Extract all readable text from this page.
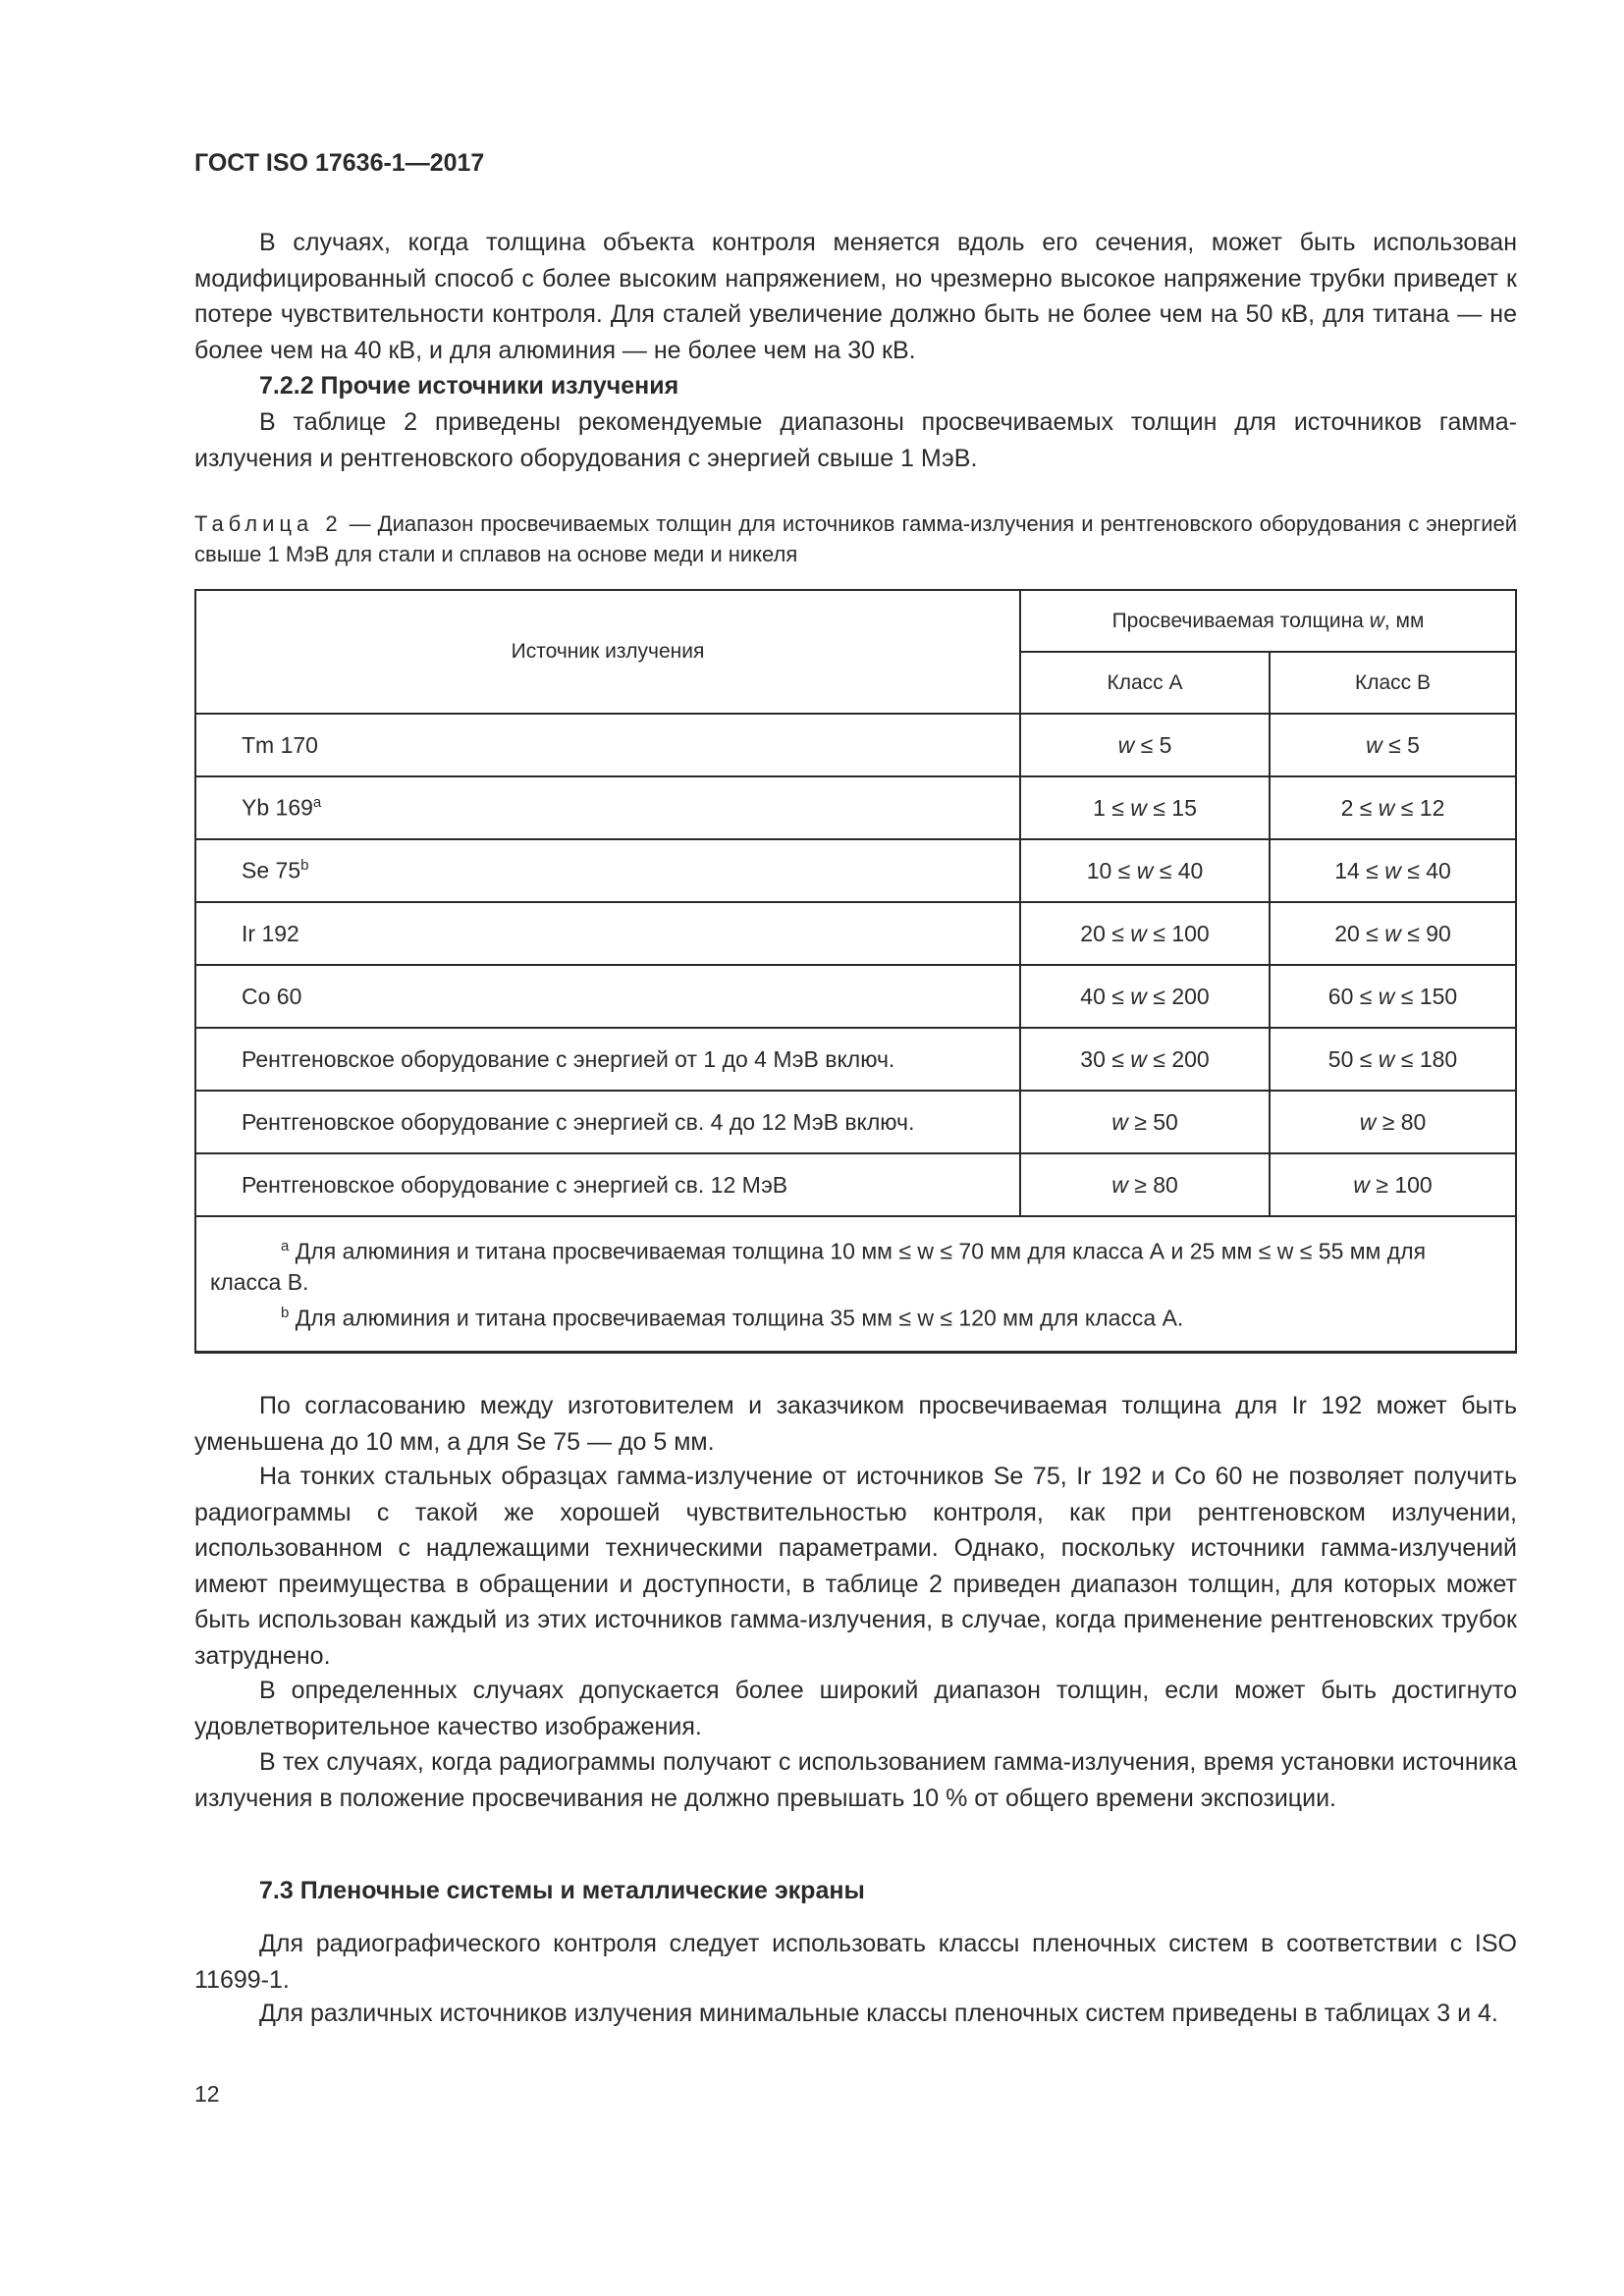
ГОСТ ISO 17636-1—2017
В случаях, когда толщина объекта контроля меняется вдоль его сечения, может быть использован модифицированный способ с более высоким напряжением, но чрезмерно высокое напряжение трубки приведет к потере чувствительности контроля. Для сталей увеличение должно быть не более чем на 50 кВ, для титана — не более чем на 40 кВ, и для алюминия — не более чем на 30 кВ.
7.2.2 Прочие источники излучения
В таблице 2 приведены рекомендуемые диапазоны просвечиваемых толщин для источников гамма-излучения и рентгеновского оборудования с энергией свыше 1 МэВ.
Таблица 2 — Диапазон просвечиваемых толщин для источников гамма-излучения и рентгеновского оборудования с энергией свыше 1 МэВ для стали и сплавов на основе меди и никеля
Источник излучения	Просвечиваемая толщина w, мм	
	Класс А	Класс В
Tm 170	w ≤ 5	w ≤ 5
Yb 169$^a$	1 ≤ w ≤ 15	2 ≤ w ≤ 12
Se 75$^b$	10 ≤ w ≤ 40	14 ≤ w ≤ 40
Ir 192	20 ≤ w ≤ 100	20 ≤ w ≤ 90
Co 60	40 ≤ w ≤ 200	60 ≤ w ≤ 150
Рентгеновское оборудование с энергией от 1 до 4 МэВ включ.	30 ≤ w ≤ 200	50 ≤ w ≤ 180
Рентгеновское оборудование с энергией св. 4 до 12 МэВ включ.	w ≥ 50	w ≥ 80
Рентгеновское оборудование с энергией св. 12 МэВ	w ≥ 80	w ≥ 100

$^a$ Для алюминия и титана просвечиваемая толщина 10 мм ≤ w ≤ 70 мм для класса А и 25 мм ≤ w ≤ 55 мм для класса В.
$^b$ Для алюминия и титана просвечиваемая толщина 35 мм ≤ w ≤ 120 мм для класса А.		
По согласованию между изготовителем и заказчиком просвечиваемая толщина для Ir 192 может быть уменьшена до 10 мм, а для Se 75 — до 5 мм.
На тонких стальных образцах гамма-излучение от источников Se 75, Ir 192 и Co 60 не позволяет получить радиограммы с такой же хорошей чувствительностью контроля, как при рентгеновском излучении, использованном с надлежащими техническими параметрами. Однако, поскольку источники гамма-излучений имеют преимущества в обращении и доступности, в таблице 2 приведен диапазон толщин, для которых может быть использован каждый из этих источников гамма-излучения, в случае, когда применение рентгеновских трубок затруднено.
В определенных случаях допускается более широкий диапазон толщин, если может быть достигнуто удовлетворительное качество изображения.
В тех случаях, когда радиограммы получают с использованием гамма-излучения, время установки источника излучения в положение просвечивания не должно превышать 10 % от общего времени экспозиции.
7.3 Пленочные системы и металлические экраны
Для радиографического контроля следует использовать классы пленочных систем в соответствии с ISO 11699-1.
Для различных источников излучения минимальные классы пленочных систем приведены в таблицах 3 и 4.
12
